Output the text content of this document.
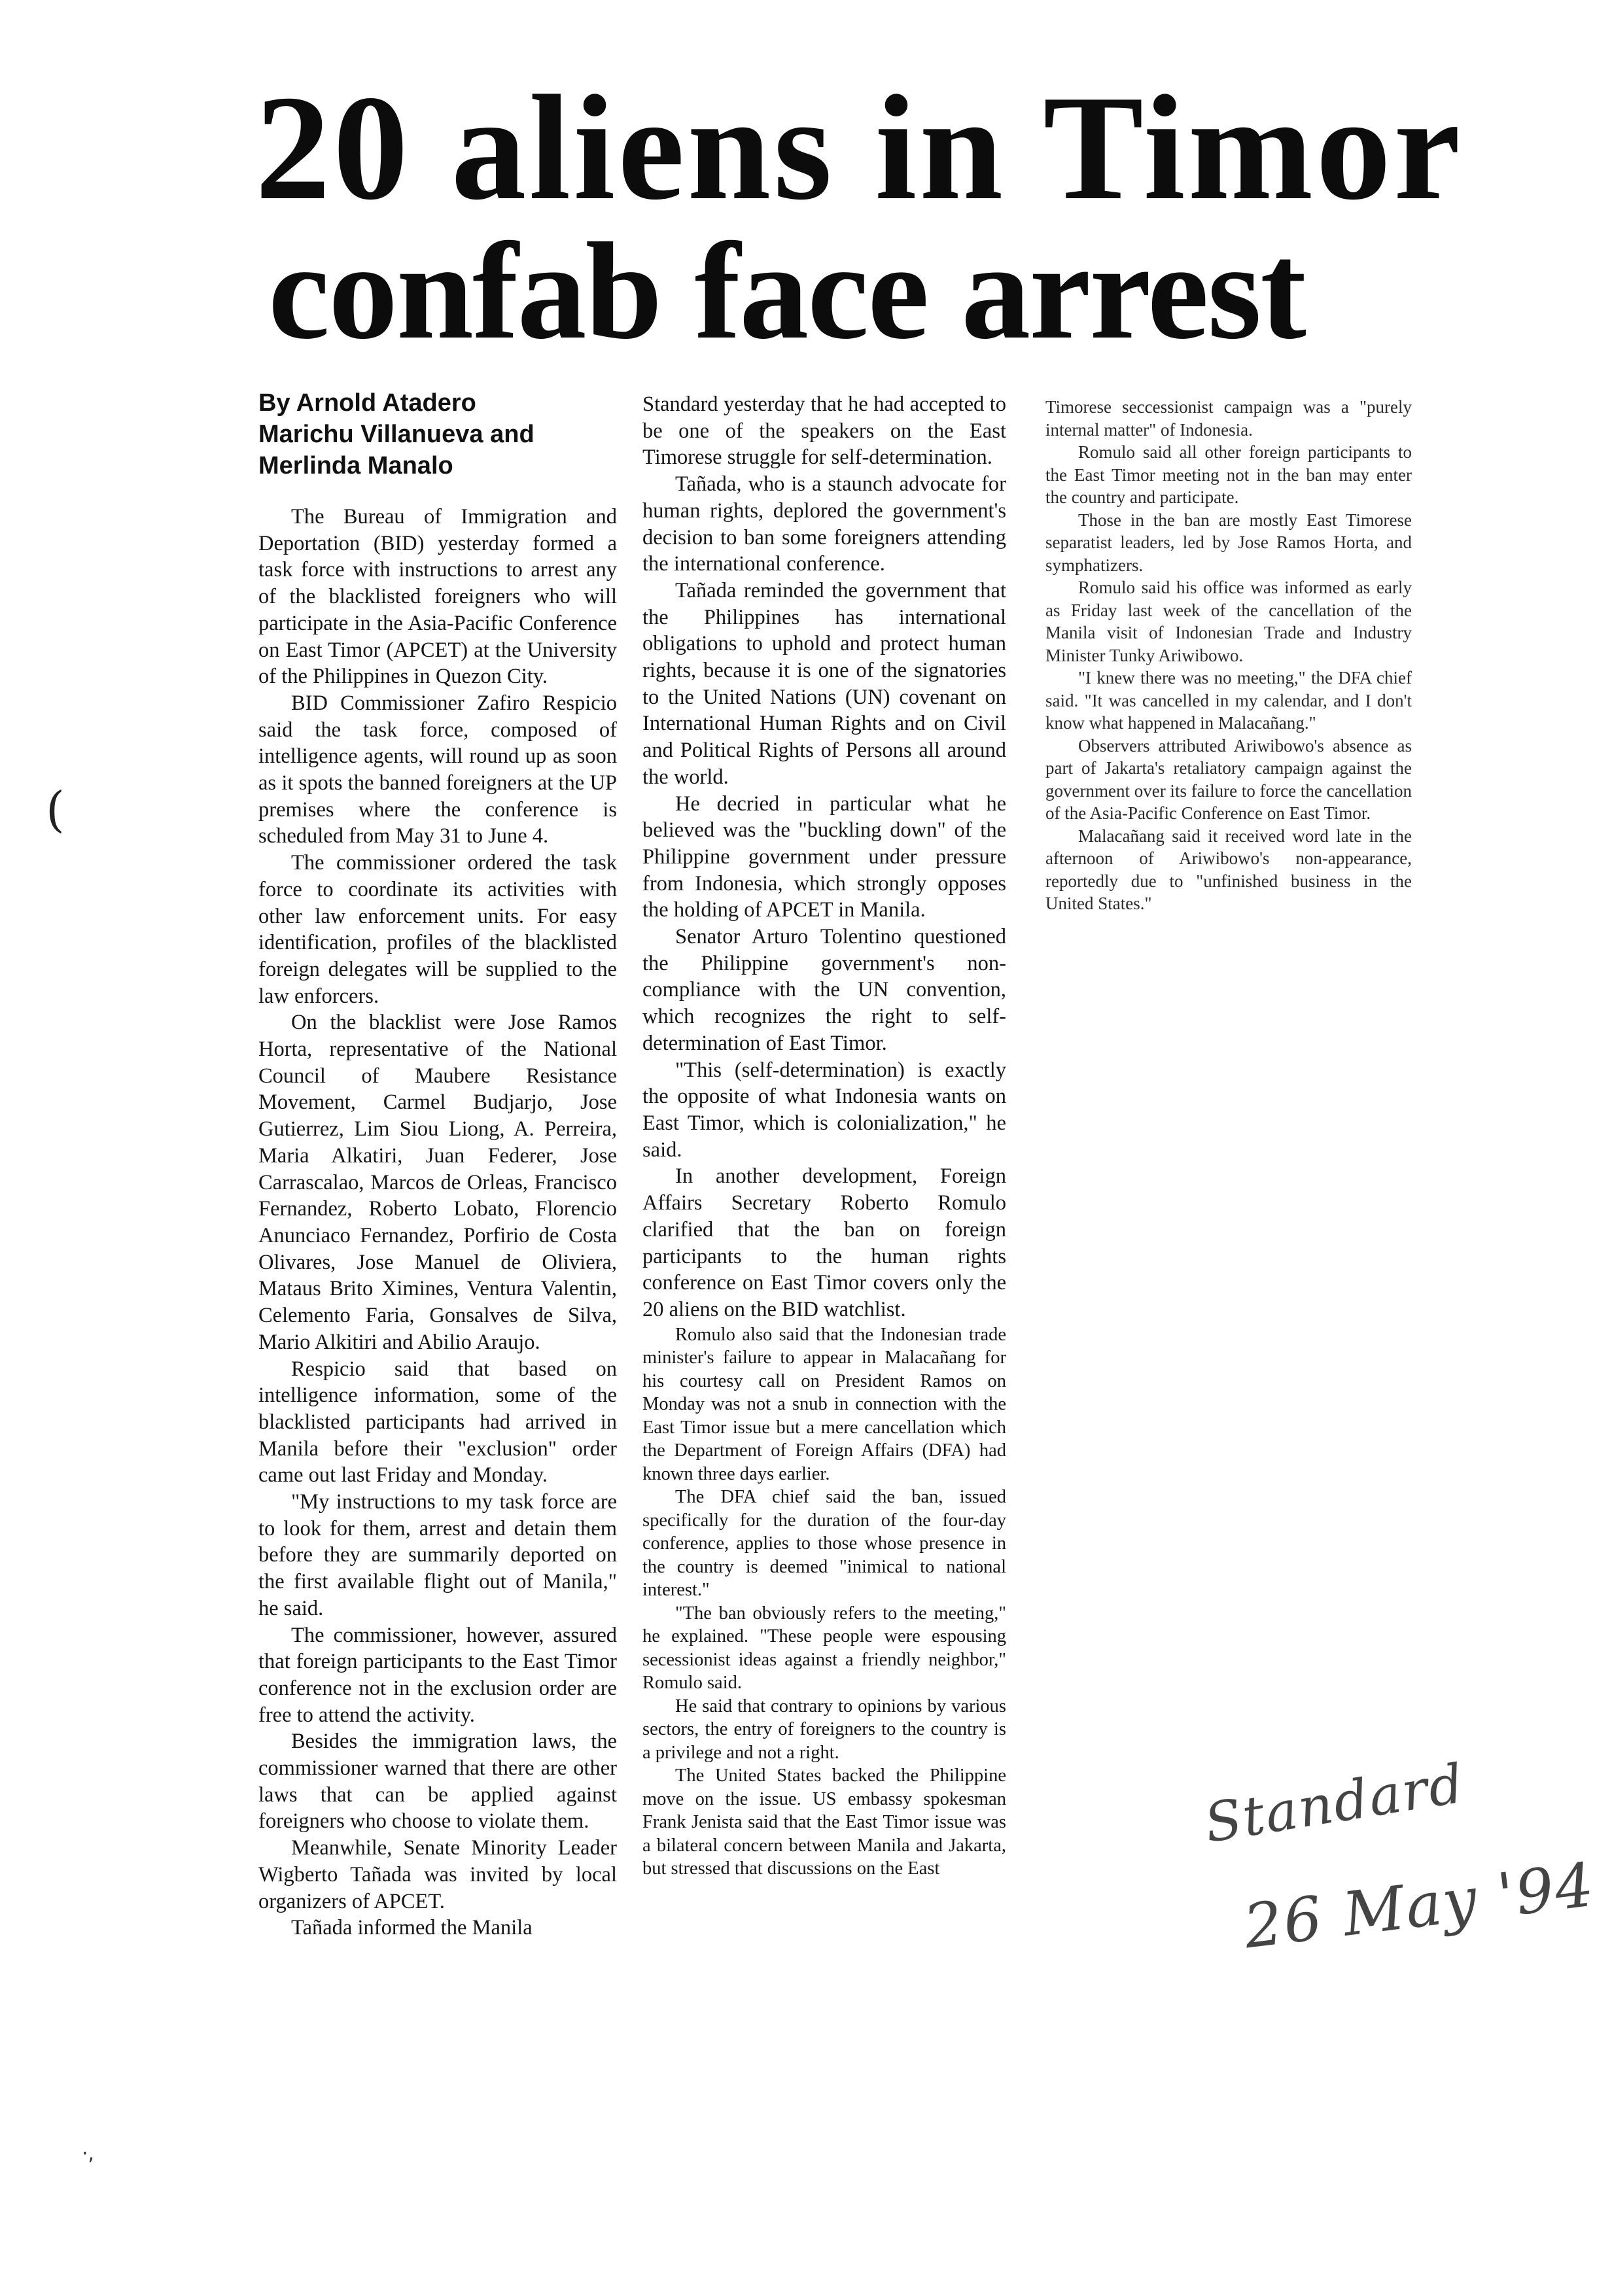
20 aliens in Timor
confab face arrest
By Arnold Atadero
Marichu Villanueva and
Merlinda Manalo

The Bureau of Immigration and Deportation (BID) yesterday formed a task force with instructions to arrest any of the blacklisted foreigners who will participate in the Asia-Pacific Conference on East Timor (APCET) at the University of the Philippines in Quezon City.

BID Commissioner Zafiro Respicio said the task force, composed of intelligence agents, will round up as soon as it spots the banned foreigners at the UP premises where the conference is scheduled from May 31 to June 4.

The commissioner ordered the task force to coordinate its activities with other law enforcement units. For easy identification, profiles of the blacklisted foreign delegates will be supplied to the law enforcers.

On the blacklist were Jose Ramos Horta, representative of the National Council of Maubere Resistance Movement, Carmel Budjarjo, Jose Gutierrez, Lim Siou Liong, A. Perreira, Maria Alkatiri, Juan Federer, Jose Carrascalao, Marcos de Orleas, Francisco Fernandez, Roberto Lobato, Florencio Anunciaco Fernandez, Porfirio de Costa Olivares, Jose Manuel de Oliviera, Mataus Brito Ximines, Ventura Valentin, Celemento Faria, Gonsalves de Silva, Mario Alkitiri and Abilio Araujo.

Respicio said that based on intelligence information, some of the blacklisted participants had arrived in Manila before their "exclusion" order came out last Friday and Monday.

"My instructions to my task force are to look for them, arrest and detain them before they are summarily deported on the first available flight out of Manila," he said.

The commissioner, however, assured that foreign participants to the East Timor conference not in the exclusion order are free to attend the activity.

Besides the immigration laws, the commissioner warned that there are other laws that can be applied against foreigners who choose to violate them.

Meanwhile, Senate Minority Leader Wigberto Tañada was invited by local organizers of APCET.

Tañada informed the Manila

Standard yesterday that he had accepted to be one of the speakers on the East Timorese struggle for self-determination.

Tañada, who is a staunch advocate for human rights, deplored the government's decision to ban some foreigners attending the international conference.

Tañada reminded the government that the Philippines has international obligations to uphold and protect human rights, because it is one of the signatories to the United Nations (UN) covenant on International Human Rights and on Civil and Political Rights of Persons all around the world.

He decried in particular what he believed was the "buckling down" of the Philippine government under pressure from Indonesia, which strongly opposes the holding of APCET in Manila.

Senator Arturo Tolentino questioned the Philippine government's non-compliance with the UN convention, which recognizes the right to self-determination of East Timor.

"This (self-determination) is exactly the opposite of what Indonesia wants on East Timor, which is colonialization," he said.

In another development, Foreign Affairs Secretary Roberto Romulo clarified that the ban on foreign participants to the human rights conference on East Timor covers only the 20 aliens on the BID watchlist.

Romulo also said that the Indonesian trade minister's failure to appear in Malacañang for his courtesy call on President Ramos on Monday was not a snub in connection with the East Timor issue but a mere cancellation which the Department of Foreign Affairs (DFA) had known three days earlier.

The DFA chief said the ban, issued specifically for the duration of the four-day conference, applies to those whose presence in the country is deemed "inimical to national interest."

"The ban obviously refers to the meeting," he explained. "These people were espousing secessionist ideas against a friendly neighbor," Romulo said.

He said that contrary to opinions by various sectors, the entry of foreigners to the country is a privilege and not a right.

The United States backed the Philippine move on the issue. US embassy spokesman Frank Jenista said that the East Timor issue was a bilateral concern between Manila and Jakarta, but stressed that discussions on the East

Timorese seccessionist campaign was a "purely internal matter" of Indonesia.

Romulo said all other foreign participants to the East Timor meeting not in the ban may enter the country and participate.

Those in the ban are mostly East Timorese separatist leaders, led by Jose Ramos Horta, and symphatizers.

Romulo said his office was informed as early as Friday last week of the cancellation of the Manila visit of Indonesian Trade and Industry Minister Tunky Ariwibowo.

"I knew there was no meeting," the DFA chief said. "It was cancelled in my calendar, and I don't know what happened in Malacañang."

Observers attributed Ariwibowo's absence as part of Jakarta's retaliatory campaign against the government over its failure to force the cancellation of the Asia-Pacific Conference on East Timor.

Malacañang said it received word late in the afternoon of Ariwibowo's non-appearance, reportedly due to "unfinished business in the United States."

Standard
26 May '94
(
·,
